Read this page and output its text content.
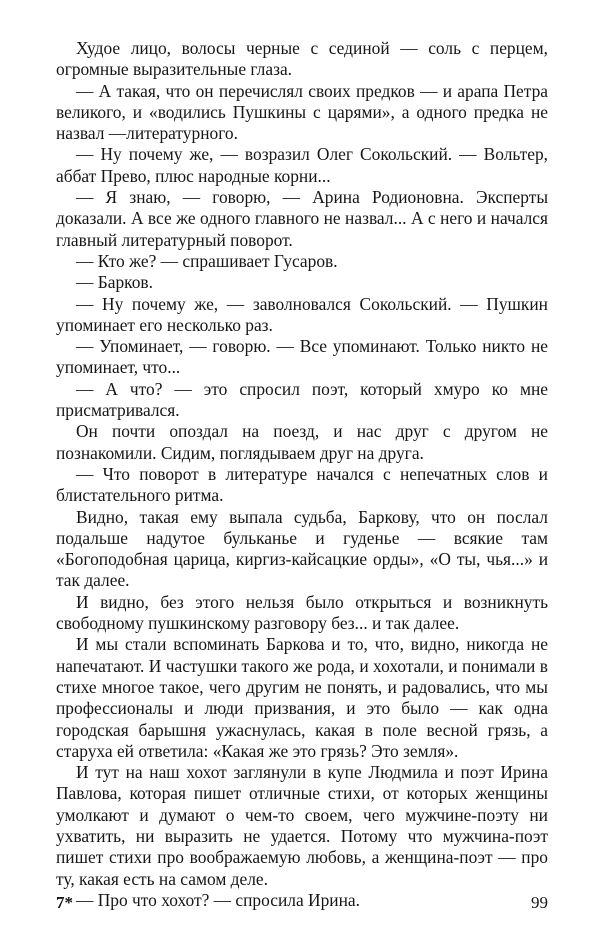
Худое лицо, волосы черные с сединой — соль с перцем, огромные выразительные глаза.

— А такая, что он перечислял своих предков — и арапа Петра великого, и «водились Пушкины с царями», а одного предка не назвал —литературного.

— Ну почему же, — возразил Олег Сокольский. — Вольтер, аббат Прево, плюс народные корни...

— Я знаю, — говорю, — Арина Родионовна. Эксперты доказали. А все же одного главного не назвал... А с него и начался главный литературный поворот.

— Кто же? — спрашивает Гусаров.

— Барков.

— Ну почему же, — заволновался Сокольский. — Пушкин упоминает его несколько раз.

— Упоминает, — говорю. — Все упоминают. Только никто не упоминает, что...

— А что? — это спросил поэт, который хмуро ко мне присматривался.

Он почти опоздал на поезд, и нас друг с другом не познакомили. Сидим, поглядываем друг на друга.

— Что поворот в литературе начался с непечатных слов и блистательного ритма.

Видно, такая ему выпала судьба, Баркову, что он послал подальше надутое бульканье и гуденье — всякие там «Богоподобная царица, киргиз-кайсацкие орды», «О ты, чья...» и так далее.

И видно, без этого нельзя было открыться и возникнуть свободному пушкинскому разговору без... и так далее.

И мы стали вспоминать Баркова и то, что, видно, никогда не напечатают. И частушки такого же рода, и хохотали, и понимали в стихе многое такое, чего другим не понять, и радовались, что мы профессионалы и люди призвания, и это было — как одна городская барышня ужаснулась, какая в поле весной грязь, а старуха ей ответила: «Какая же это грязь? Это земля».

И тут на наш хохот заглянули в купе Людмила и поэт Ирина Павлова, которая пишет отличные стихи, от которых женщины умолкают и думают о чем-то своем, чего мужчине-поэту ни ухватить, ни выразить не удается. Потому что мужчина-поэт пишет стихи про воображаемую любовь, а женщина-поэт — про ту, какая есть на самом деле.

— Про что хохот? — спросила Ирина.

7*	99
